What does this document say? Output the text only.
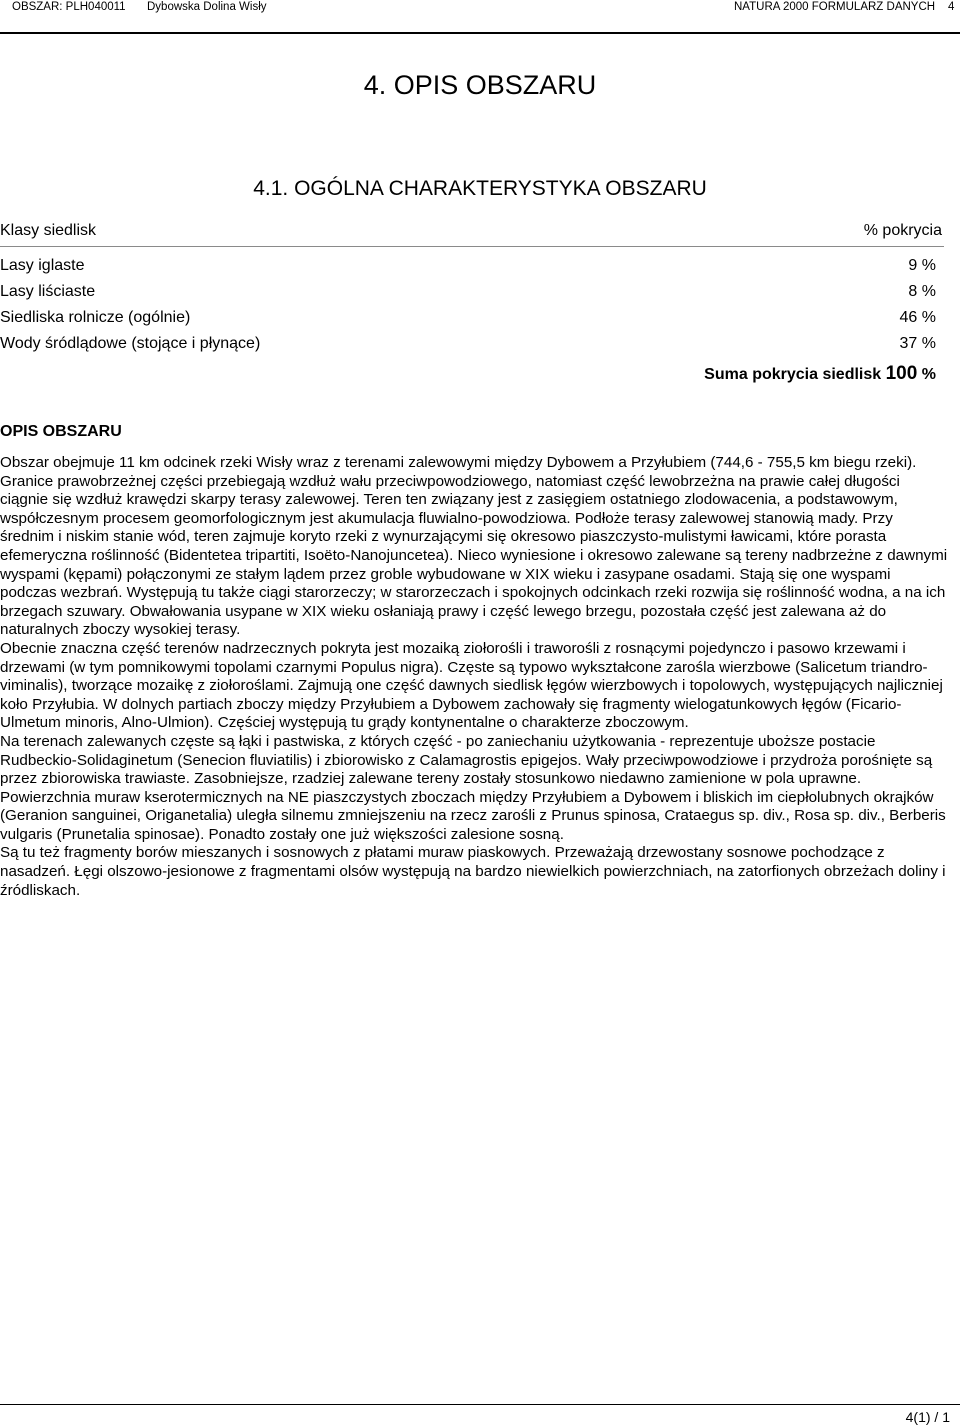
OBSZAR: PLH040011 Dybowska Dolina Wisły	NATURA 2000 FORMULARZ DANYCH 4
4. OPIS OBSZARU
4.1. OGÓLNA CHARAKTERYSTYKA OBSZARU
Klasy siedlisk	% pokrycia
Lasy iglaste	9 %
Lasy liściaste	8 %
Siedliska rolnicze (ogólnie)	46 %
Wody śródlądowe (stojące i płynące)	37 %
Suma pokrycia siedlisk 100 %
OPIS OBSZARU

Obszar obejmuje 11 km odcinek rzeki Wisły wraz z terenami zalewowymi między Dybowem a Przyłubiem (744,6 - 755,5 km biegu rzeki).

Granice prawobrzeżnej części przebiegają wzdłuż wału przeciwpowodziowego, natomiast część lewobrzeżna na prawie całej długości ciągnie się wzdłuż krawędzi skarpy terasy zalewowej. Teren ten związany jest z zasięgiem ostatniego zlodowacenia, a podstawowym, współczesnym procesem geomorfologicznym jest akumulacja fluwialno-powodziowa. Podłoże terasy zalewowej stanowią mady. Przy średnim i niskim stanie wód, teren zajmuje koryto rzeki z wynurzającymi się okresowo piaszczysto-mulistymi ławicami, które porasta efemeryczna roślinność (Bidentetea tripartiti, Isoëto-Nanojuncetea). Nieco wyniesione i okresowo zalewane są tereny nadbrzeżne z dawnymi wyspami (kępami) połączonymi ze stałym lądem przez groble wybudowane w XIX wieku i zasypane osadami. Stają się one wyspami podczas wezbrań. Występują tu także ciągi starorzeczy; w starorzeczach i spokojnych odcinkach rzeki rozwija się roślinność wodna, a na ich brzegach szuwary. Obwałowania usypane w XIX wieku osłaniają prawy i część lewego brzegu, pozostała część jest zalewana aż do naturalnych zboczy wysokiej terasy.

Obecnie znaczna część terenów nadrzecznych pokryta jest mozaiką ziołorośli i traworośli z rosnącymi pojedynczo i pasowo krzewami i drzewami (w tym pomnikowymi topolami czarnymi Populus nigra). Częste są typowo wykształcone zarośla wierzbowe (Salicetum triandro-viminalis), tworzące mozaikę z ziołoroślami. Zajmują one część dawnych siedlisk łęgów wierzbowych i topolowych, występujących najliczniej koło Przyłubia. W dolnych partiach zboczy między Przyłubiem a Dybowem zachowały się fragmenty wielogatunkowych łęgów (Ficario-Ulmetum minoris, Alno-Ulmion). Częściej występują tu grądy kontynentalne o charakterze zboczowym.

Na terenach zalewanych częste są łąki i pastwiska, z których część - po zaniechaniu użytkowania - reprezentuje uboższe postacie Rudbeckio-Solidaginetum (Senecion fluviatilis) i zbiorowisko z Calamagrostis epigejos. Wały przeciwpowodziowe i przydroża porośnięte są przez zbiorowiska trawiaste. Zasobniejsze, rzadziej zalewane tereny zostały stosunkowo niedawno zamienione w pola uprawne.

Powierzchnia muraw kserotermicznych na NE piaszczystych zboczach między Przyłubiem a Dybowem i bliskich im ciepłolubnych okrajków (Geranion sanguinei, Origanetalia) uległa silnemu zmniejszeniu na rzecz zarośli z Prunus spinosa, Crataegus sp. div., Rosa sp. div., Berberis vulgaris (Prunetalia spinosae). Ponadto zostały one już większości zalesione sosną.

Są tu też fragmenty borów mieszanych i sosnowych z płatami muraw piaskowych. Przeważają drzewostany sosnowe pochodzące z nasadzeń. Łęgi olszowo-jesionowe z fragmentami olsów występują na bardzo niewielkich powierzchniach, na zatorfionych obrzeżach doliny i źródliskach.

4(1) / 1
